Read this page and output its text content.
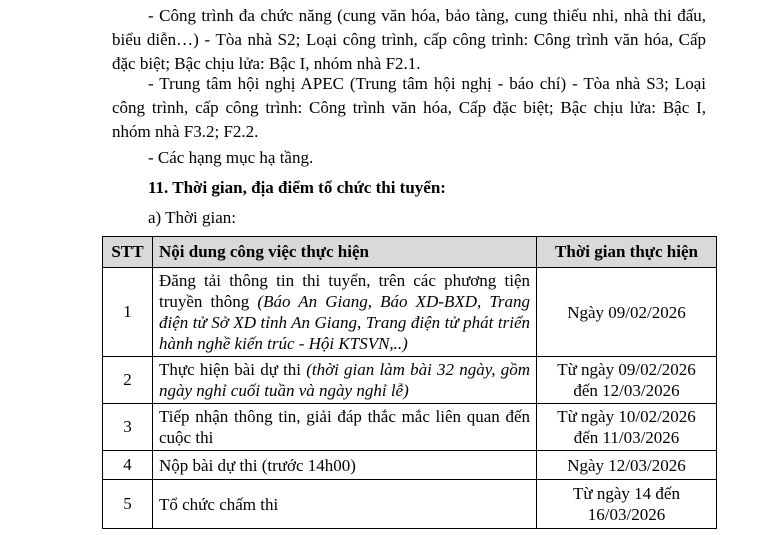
- Công trình đa chức năng (cung văn hóa, bảo tàng, cung thiếu nhi, nhà thi đấu, biểu diễn…) - Tòa nhà S2; Loại công trình, cấp công trình: Công trình văn hóa, Cấp đặc biệt; Bậc chịu lửa: Bậc I, nhóm nhà F2.1.

- Trung tâm hội nghị APEC (Trung tâm hội nghị - báo chí) - Tòa nhà S3; Loại công trình, cấp công trình: Công trình văn hóa, Cấp đặc biệt; Bậc chịu lửa: Bậc I, nhóm nhà F3.2; F2.2.

- Các hạng mục hạ tầng.

11. Thời gian, địa điểm tổ chức thi tuyển:

a) Thời gian:

STT	Nội dung công việc thực hiện	Thời gian thực hiện
1	Đăng tải thông tin thi tuyển, trên các phương tiện truyền thông (Báo An Giang, Báo XD-BXD, Trang điện tử Sở XD tỉnh An Giang, Trang điện tử phát triển hành nghề kiến trúc - Hội KTSVN,..)	Ngày 09/02/2026
2	Thực hiện bài dự thi (thời gian làm bài 32 ngày, gồm ngày nghỉ cuối tuần và ngày nghỉ lễ)	Từ ngày 09/02/2026
đến 12/03/2026
3	Tiếp nhận thông tin, giải đáp thắc mắc liên quan đến cuộc thi	Từ ngày 10/02/2026
đến 11/03/2026
4	Nộp bài dự thi (trước 14h00)	Ngày 12/03/2026
5	Tổ chức chấm thi	Từ ngày 14 đến
16/03/2026
